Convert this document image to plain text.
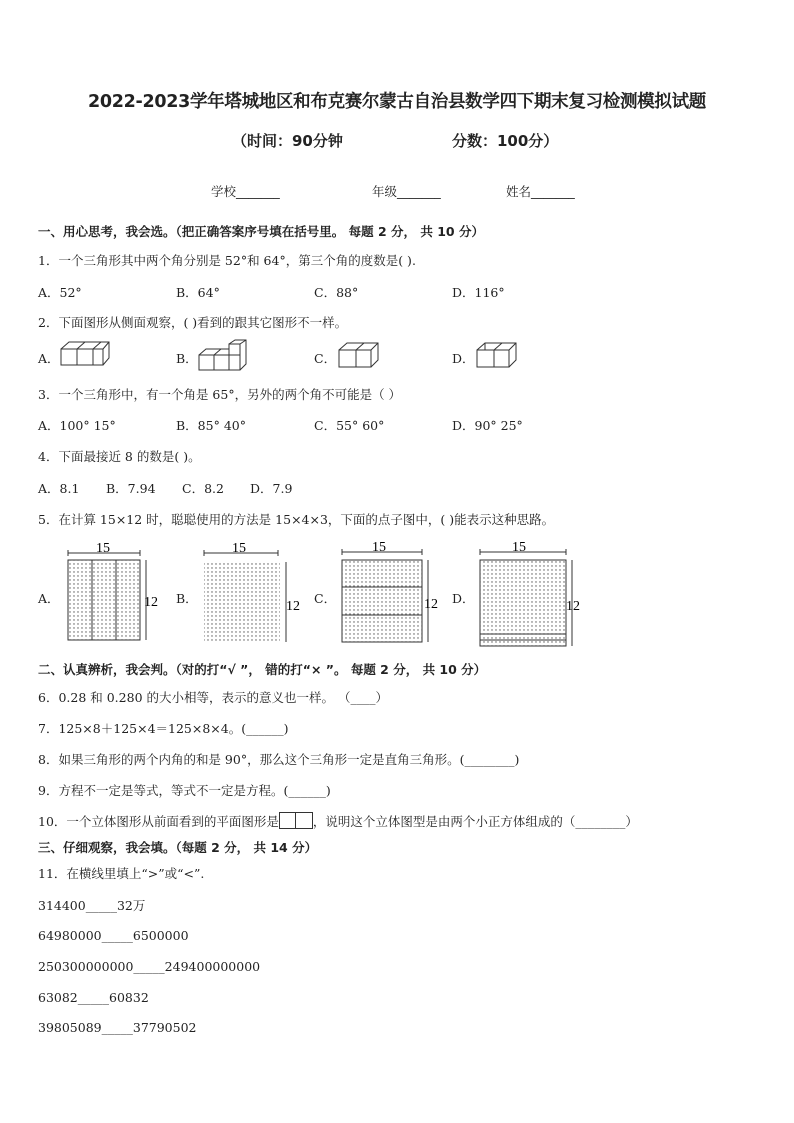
2022-2023学年塔城地区和布克赛尔蒙古自治县数学四下期末复习检测模拟试题
（时间：90分钟	分数：100分）
学校_______	年级_______	姓名_______
一、用心思考，我会选。（把正确答案序号填在括号里。 每题 2 分， 共 10 分）
1．一个三角形其中两个角分别是 52°和 64°，第三个角的度数是( ).
A．52°	B．64°	C．88°	D．116°
2．下面图形从侧面观察，( )看到的跟其它图形不一样。
A．	B．	C．	D．
3．一个三角形中，有一个角是 65°，另外的两个角不可能是（ ）
A．100° 15°	B．85° 40°	C．55° 60°	D．90° 25°
4．下面最接近 8 的数是( )。
A．8.1 B．7.94 C．8.2 D．7.9
5．在计算 15×12 时，聪聪使用的方法是 15×4×3，下面的点子图中，( )能表示这种思路。
A．	B．	C．	D．
15
12
15
12
15
12
15
12
二、认真辨析，我会判。（对的打“√ ”， 错的打“× ”。 每题 2 分， 共 10 分）
6．0.28 和 0.280 的大小相等，表示的意义也一样。 （____）
7．125×8＋125×4＝125×8×4。(______)
8．如果三角形的两个内角的和是 90°，那么这个三角形一定是直角三角形。(________)
9．方程不一定是等式，等式不一定是方程。(______)
10．一个立体图形从前面看到的平面图形是	，说明这个立体图型是由两个小正方体组成的（________）
三、仔细观察，我会填。（每题 2 分， 共 14 分）
11．在横线里填上“>”或“<”.
314400_____32万
64980000_____6500000
250300000000_____249400000000
63082_____60832
39805089_____37790502
